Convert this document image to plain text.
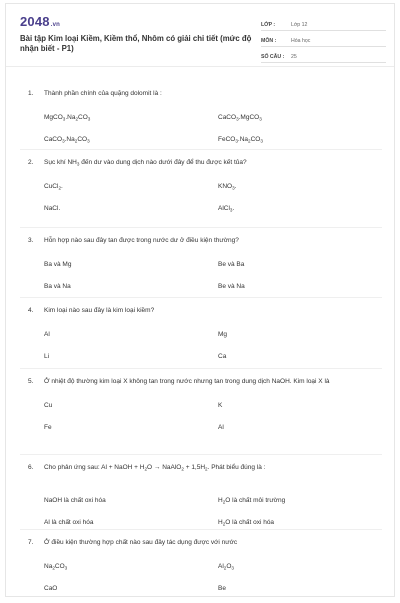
2048.vn
Bài tập Kim loại Kiềm, Kiềm thổ, Nhôm có giải chi tiết (mức độ nhận biết - P1)
LỚP :	Lớp 12
MÔN :	Hóa học
SỐ CÂU :	25
1. Thành phần chính của quặng dolomit là :
$MgCO_3.Na_2CO_3$	CaCO$_3$.MgCO$_3$
$CaCO_3.Na_2CO_3$	$FeCO_3.Na_2CO_3$
2. Sục khí $NH_3$ đến dư vào dung dịch nào dưới đây để thu được kết tủa?
CuCl$_2$.	$KNO_3$.
NaCl.	AlCl$_3$.
3. Hỗn hợp nào sau đây tan được trong nước dư ở điều kiện thường?
Ba và Mg	Be và Ba
Ba và Na	Be và Na
4. Kim loại nào sau đây là kim loại kiềm?
Al	Mg
Li	Ca
5. Ở nhiệt độ thường kim loại X không tan trong nước nhưng tan trong dung dịch NaOH. Kim loại X là
Cu	K
Fe	Al
6. Cho phản ứng sau: Al + NaOH + $H_2O$ → NaAlO$_2$ + $1,5H_2$. Phát biểu đúng là :
NaOH là chất oxi hóa	$H_2O$ là chất môi trường
Al là chất oxi hóa	$H_2O$ là chất oxi hóa
7. Ở điều kiện thường hợp chất nào sau đây tác dụng được với nước
$Na_2CO_3$	$Al_2O_3$
CaO	Be
